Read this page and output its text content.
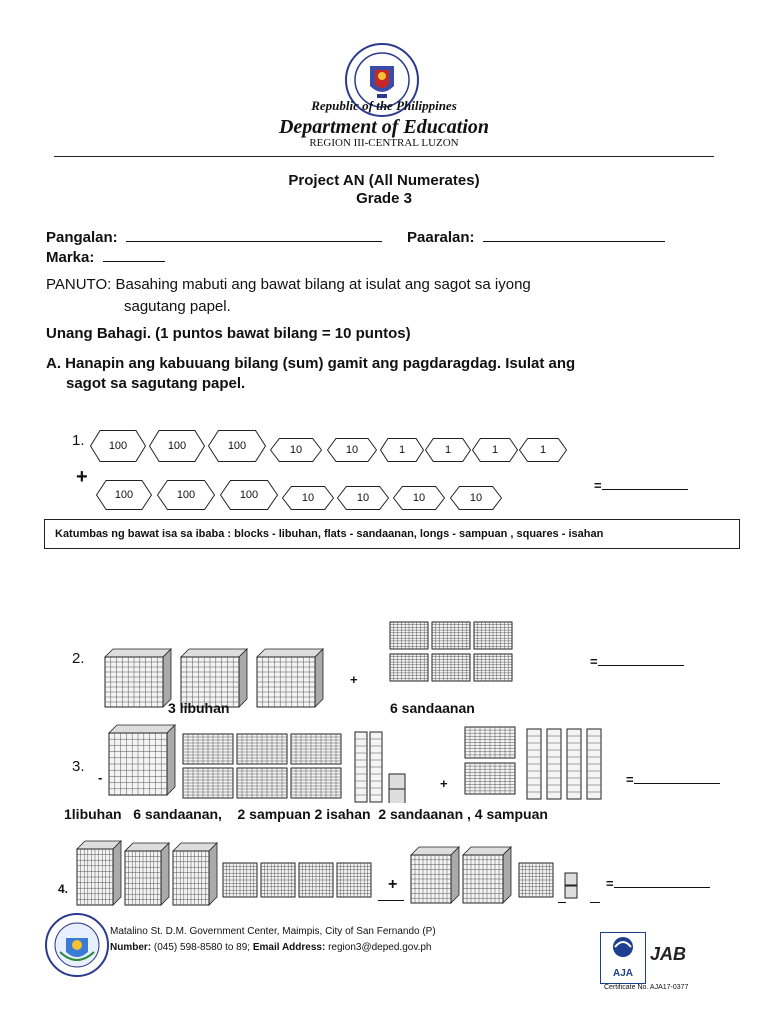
Republic of the Philippines
Department of Education
REGION III-CENTRAL LUZON
Project AN (All Numerates)
Grade 3
Pangalan:	Paaralan:
Marka:
PANUTO: Basahing mabuti ang bawat bilang at isulat ang sagot sa iyong
sagutang papel.
Unang Bahagi. (1 puntos bawat bilang = 10 puntos)
A. Hanapin ang kabuuang bilang (sum) gamit ang pagdaragdag. Isulat ang
sagot sa sagutang papel.
1. 100	100	100	10	10	1	1	1	1
+
100	100	100	10	10	10	10
=
Katumbas ng bawat isa sa ibaba : blocks - libuhan, flats - sandaanan, longs - sampuan , squares - isahan
2.
+
3 libuhan	6 sandaanan
=
3.
-	+
1libuhan   6 sandaanan,    2 sampuan 2 isahan  2 sandaanan , 4 sampuan
=
4.	+	=
Matalino St. D.M. Government Center, Maimpis, City of San Fernando (P)
Number: (045) 598-8580 to 89; Email Address: region3@deped.gov.ph
AJA
JAB
Certificate No. AJA17-0377
